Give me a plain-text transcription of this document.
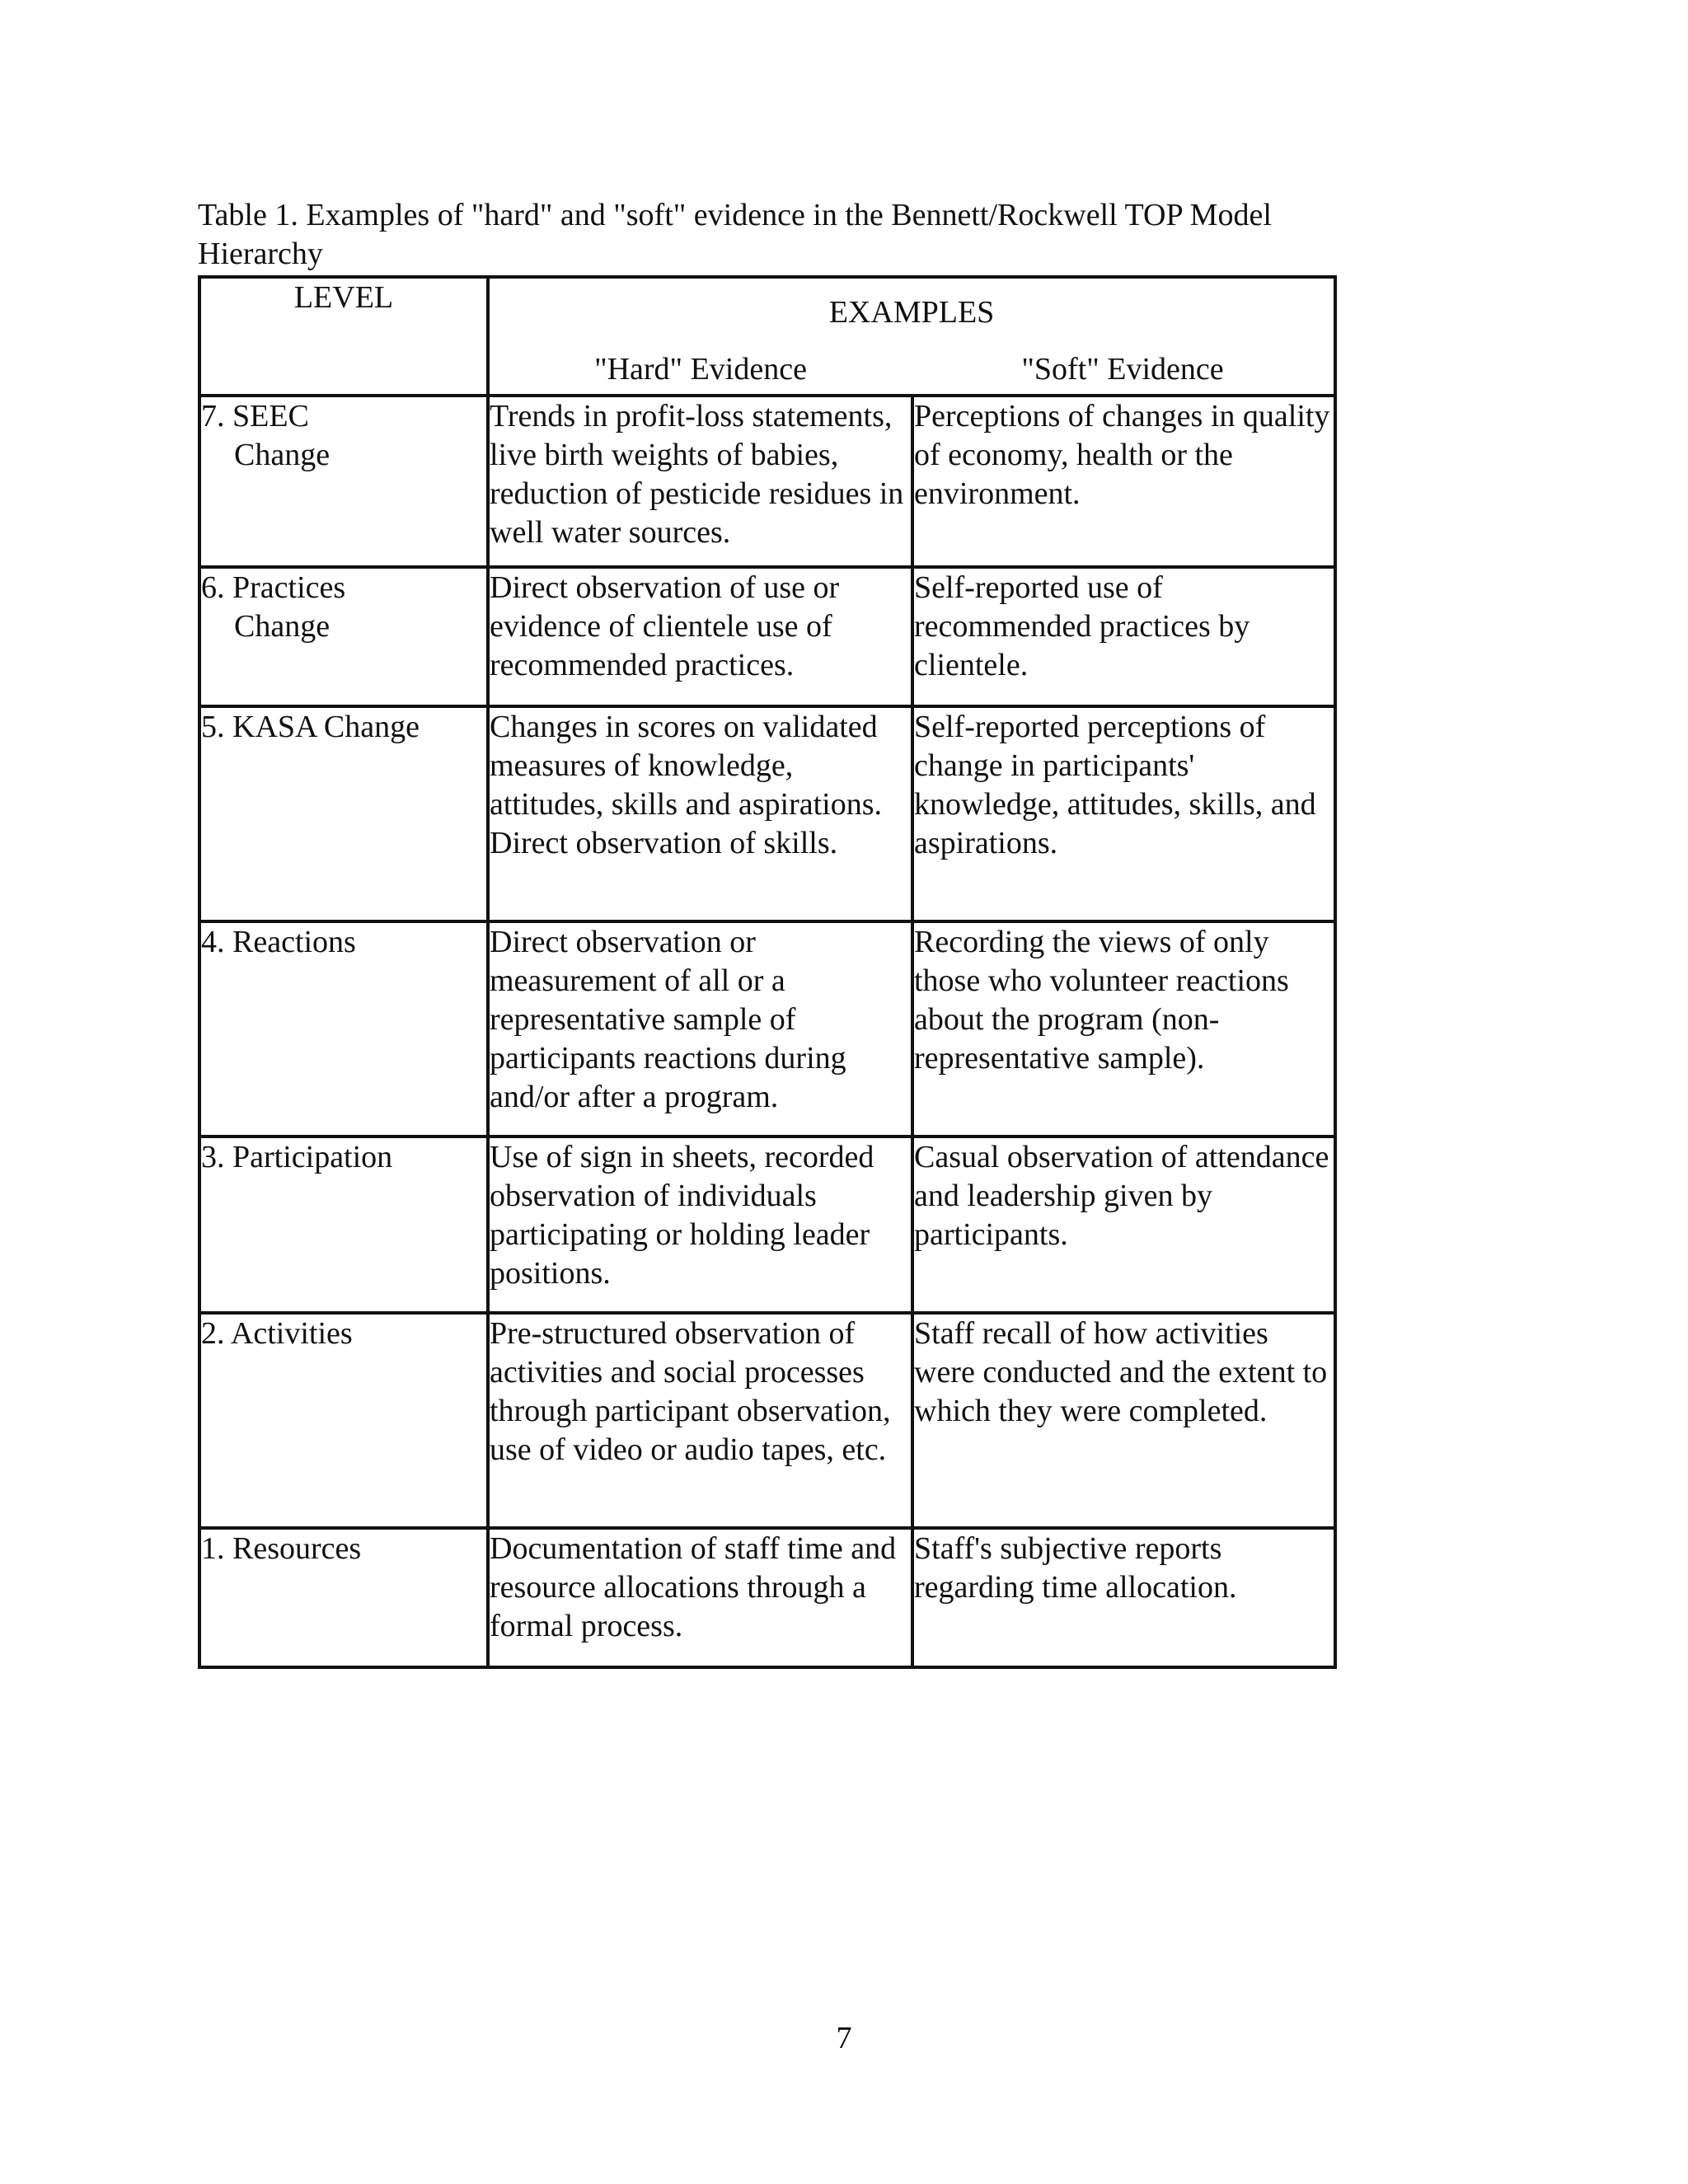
Table 1. Examples of "hard" and "soft" evidence in the Bennett/Rockwell TOP Model Hierarchy

LEVEL	EXAMPLES
"Hard" Evidence "Soft" Evidence	

7. SEEC
Change	Trends in profit-loss statements, live birth weights of babies, reduction of pesticide residues in well water sources.	Perceptions of changes in quality of economy, health or the environment.

6. Practices
Change	Direct observation of use or evidence of clientele use of recommended practices.	Self-reported use of recommended practices by clientele.

5. KASA Change	Changes in scores on validated measures of knowledge, attitudes, skills and aspirations. Direct observation of skills.	Self-reported perceptions of change in participants' knowledge, attitudes, skills, and aspirations.

4. Reactions	Direct observation or measurement of all or a representative sample of participants reactions during and/or after a program.	Recording the views of only those who volunteer reactions about the program (non-representative sample).

3. Participation	Use of sign in sheets, recorded observation of individuals participating or holding leader positions.	Casual observation of attendance and leadership given by participants.

2. Activities	Pre-structured observation of activities and social processes through participant observation, use of video or audio tapes, etc.	Staff recall of how activities were conducted and the extent to which they were completed.

1. Resources	Documentation of staff time and resource allocations through a formal process.	Staff's subjective reports regarding time allocation.
7
